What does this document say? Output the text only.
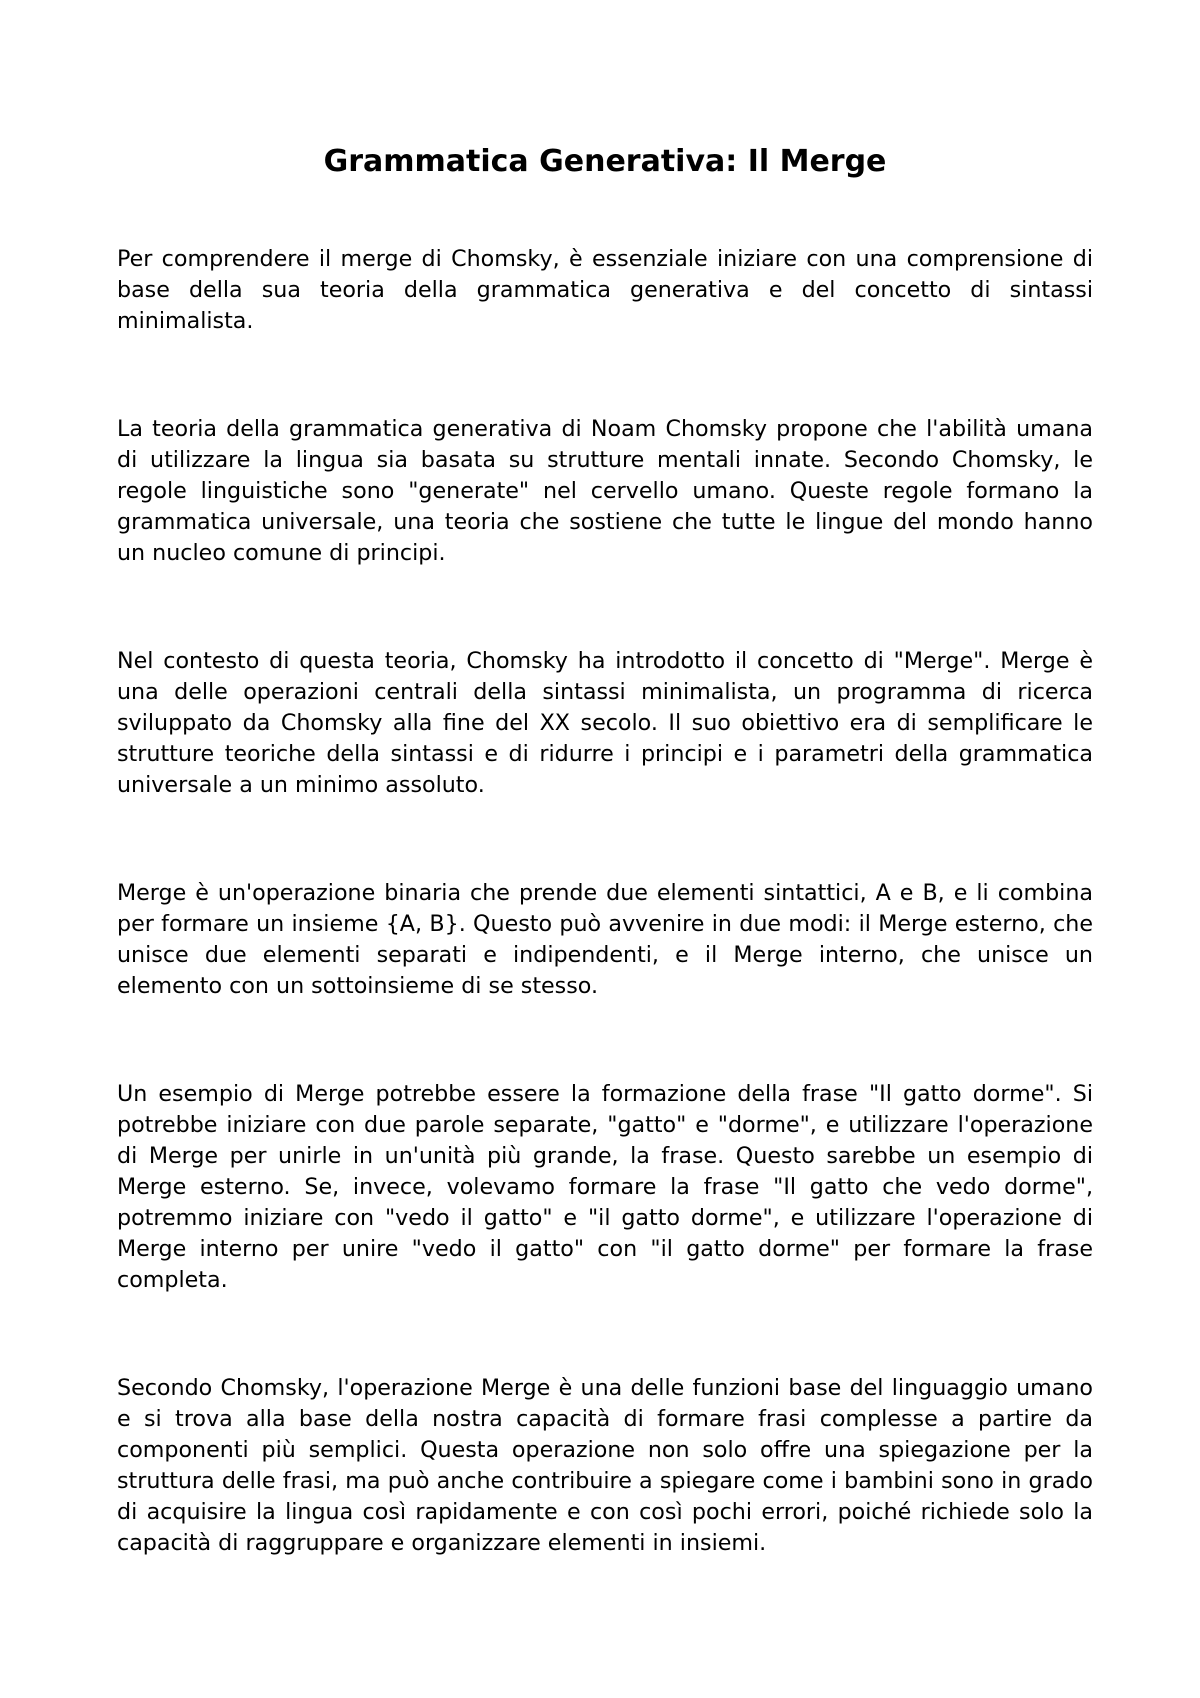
Grammatica Generativa: Il Merge

Per comprendere il merge di Chomsky, è essenziale iniziare con una comprensione di base della sua teoria della grammatica generativa e del concetto di sintassi minimalista.

La teoria della grammatica generativa di Noam Chomsky propone che l'abilità umana di utilizzare la lingua sia basata su strutture mentali innate. Secondo Chomsky, le regole linguistiche sono "generate" nel cervello umano. Queste regole formano la grammatica universale, una teoria che sostiene che tutte le lingue del mondo hanno un nucleo comune di principi.

Nel contesto di questa teoria, Chomsky ha introdotto il concetto di "Merge". Merge è una delle operazioni centrali della sintassi minimalista, un programma di ricerca sviluppato da Chomsky alla fine del XX secolo. Il suo obiettivo era di semplificare le strutture teoriche della sintassi e di ridurre i principi e i parametri della grammatica universale a un minimo assoluto.

Merge è un'operazione binaria che prende due elementi sintattici, A e B, e li combina per formare un insieme {A, B}. Questo può avvenire in due modi: il Merge esterno, che unisce due elementi separati e indipendenti, e il Merge interno, che unisce un elemento con un sottoinsieme di se stesso.

Un esempio di Merge potrebbe essere la formazione della frase "Il gatto dorme". Si potrebbe iniziare con due parole separate, "gatto" e "dorme", e utilizzare l'operazione di Merge per unirle in un'unità più grande, la frase. Questo sarebbe un esempio di Merge esterno. Se, invece, volevamo formare la frase "Il gatto che vedo dorme", potremmo iniziare con "vedo il gatto" e "il gatto dorme", e utilizzare l'operazione di Merge interno per unire "vedo il gatto" con "il gatto dorme" per formare la frase completa.

Secondo Chomsky, l'operazione Merge è una delle funzioni base del linguaggio umano e si trova alla base della nostra capacità di formare frasi complesse a partire da componenti più semplici. Questa operazione non solo offre una spiegazione per la struttura delle frasi, ma può anche contribuire a spiegare come i bambini sono in grado di acquisire la lingua così rapidamente e con così pochi errori, poiché richiede solo la capacità di raggruppare e organizzare elementi in insiemi.
